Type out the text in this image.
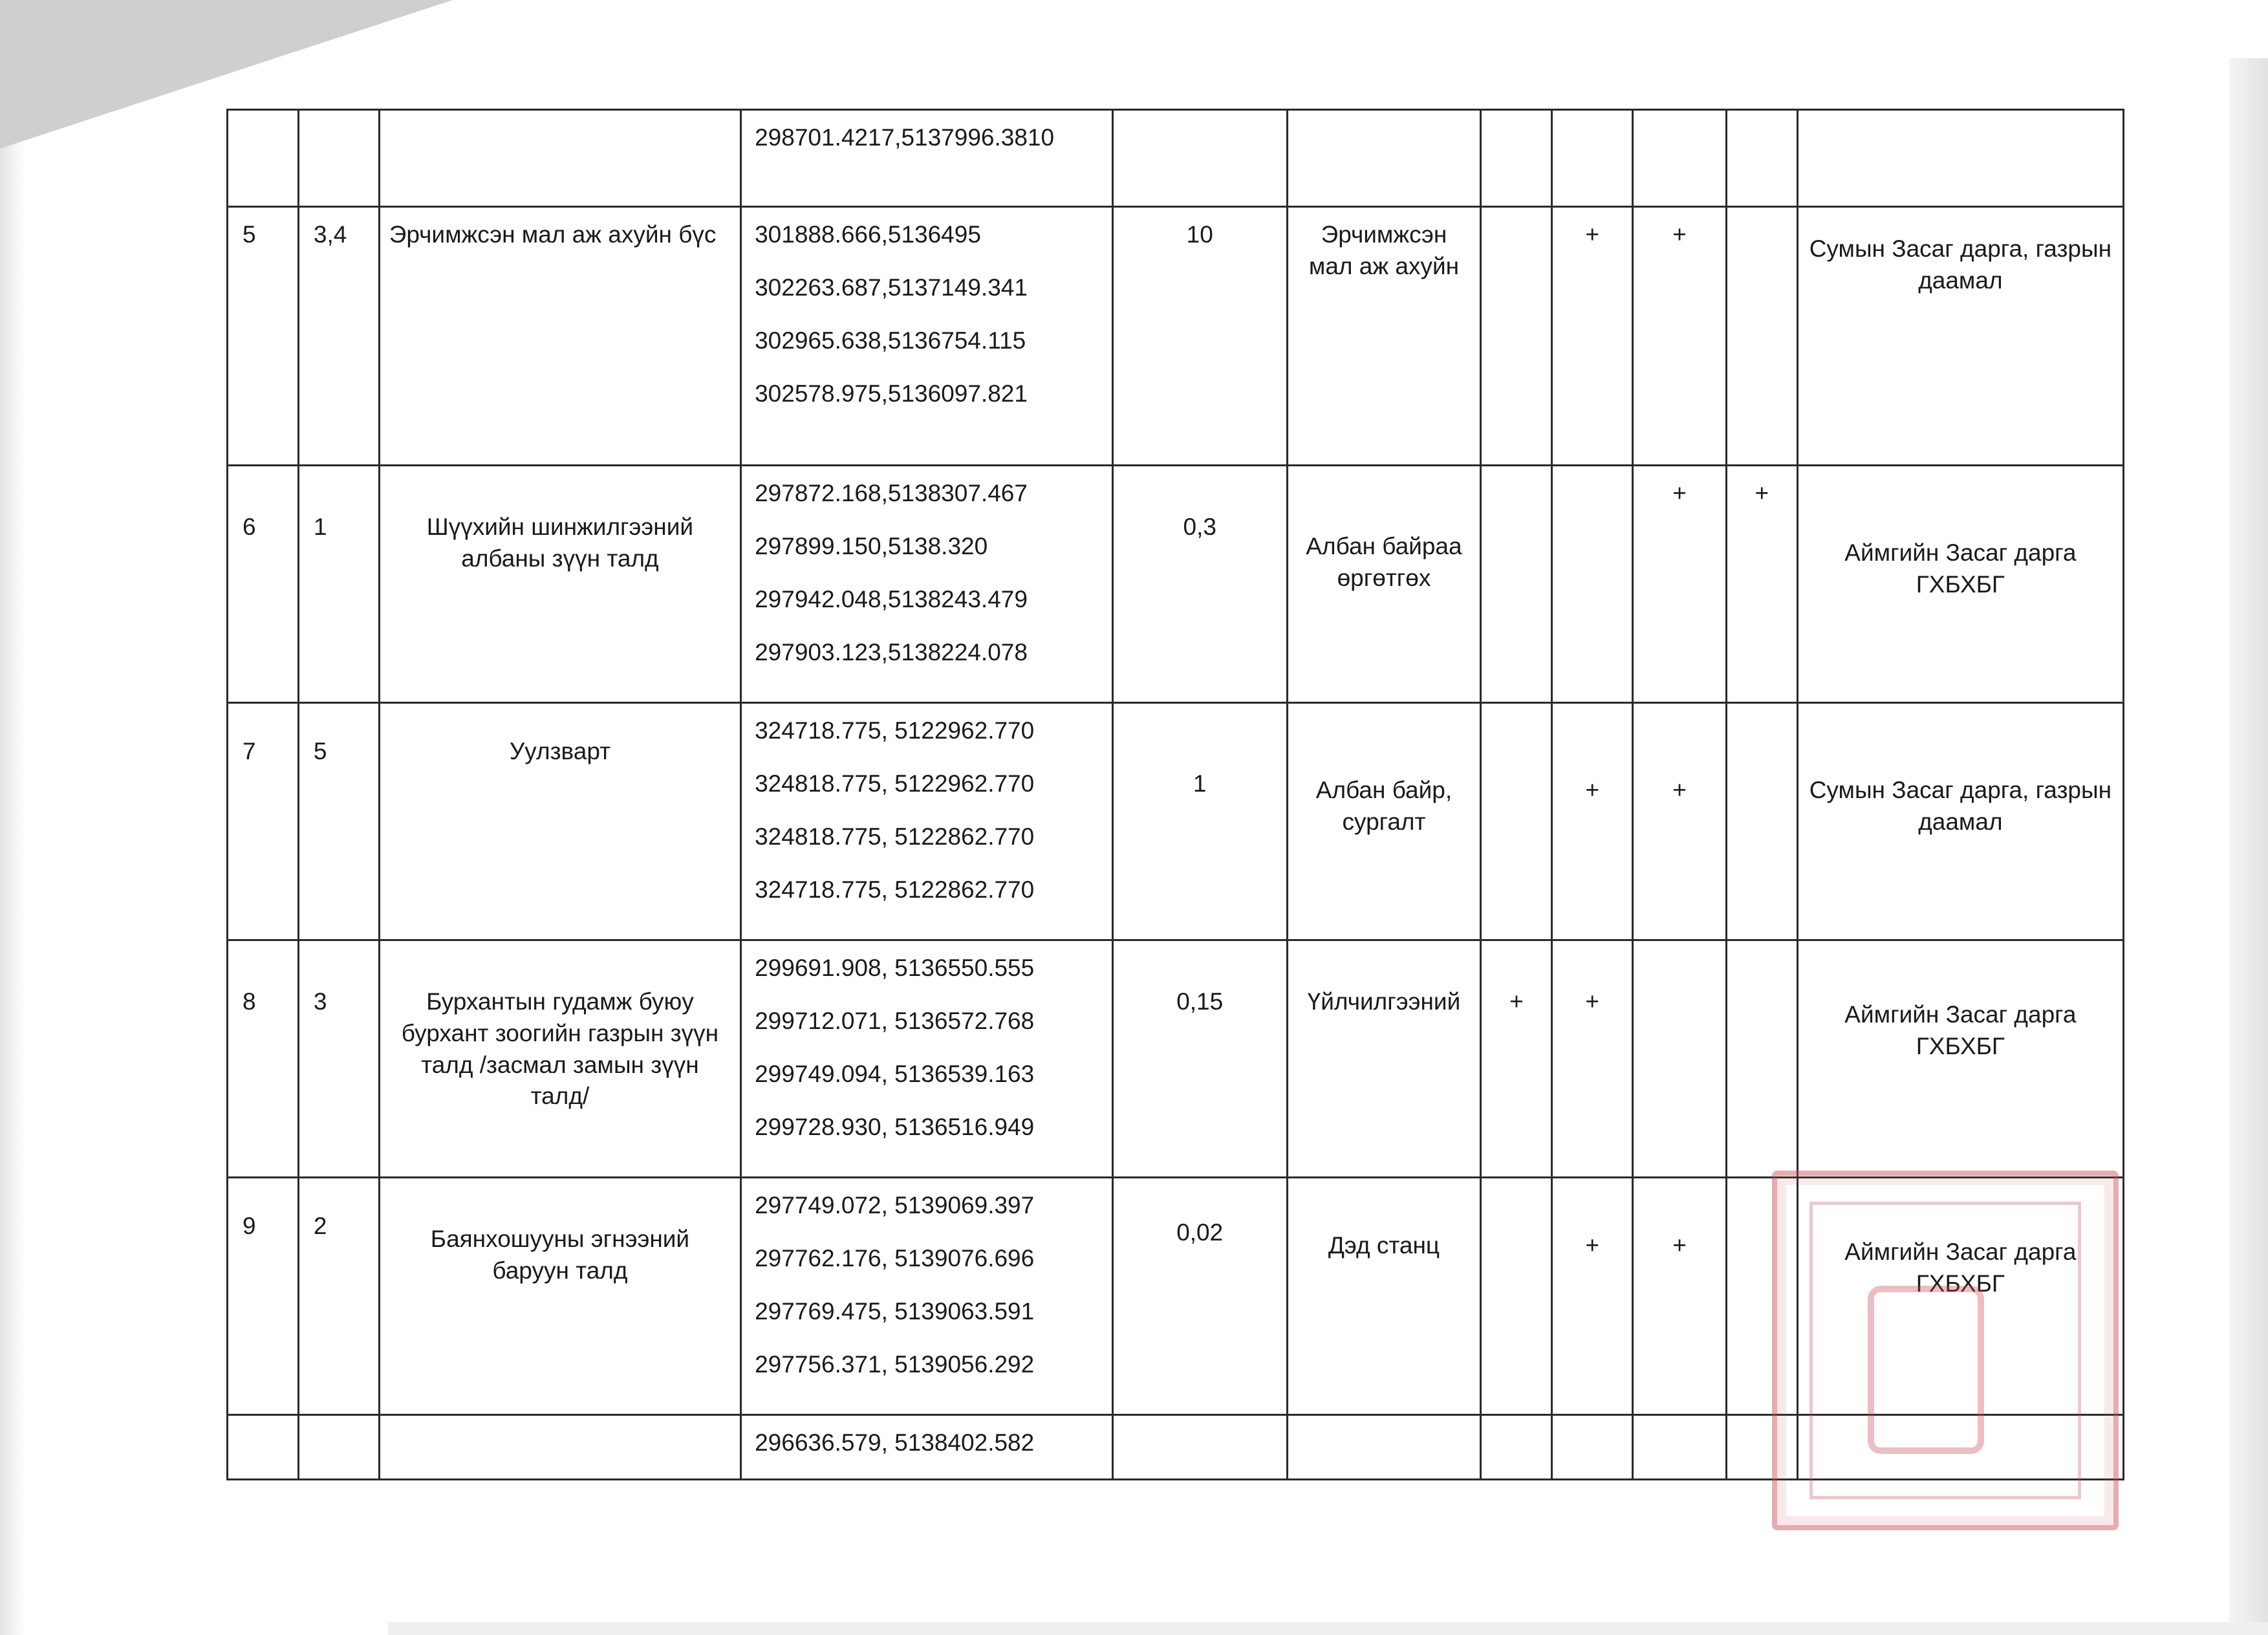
			298701.4217,5137996.3810							

5	3,4	Эрчимжсэн мал аж ахуйн бүс	301888.666,5136495
302263.687,5137149.341
302965.638,5136754.115
302578.975,5136097.821	10	Эрчимжсэн мал аж ахуйн		+	+		Сумын Засаг дарга, газрын даамал
6	1	Шүүхийн шинжилгээний албаны зүүн талд	297872.168,5138307.467
297899.150,5138.320
297942.048,5138243.479
297903.123,5138224.078	0,3	Албан байраа өргөтгөх			+	+	Аймгийн Засаг дарга ГХБХБГ
7	5	Уулзварт	324718.775, 5122962.770
324818.775, 5122962.770
324818.775, 5122862.770
324718.775, 5122862.770	1	Албан байр, сургалт		+	+		Сумын Засаг дарга, газрын даамал
8	3	Бурхантын гудамж буюу бурхант зоогийн газрын зүүн талд /засмал замын зүүн талд/	299691.908, 5136550.555
299712.071, 5136572.768
299749.094, 5136539.163
299728.930, 5136516.949	0,15	Үйлчилгээний	+	+			Аймгийн Засаг дарга ГХБХБГ
9	2	Баянхошууны эгнээний баруун талд	297749.072, 5139069.397
297762.176, 5139076.696
297769.475, 5139063.591
297756.371, 5139056.292	0,02	Дэд станц		+	+		Аймгийн Засаг дарга ГХБХБГ

			296636.579, 5138402.582							
